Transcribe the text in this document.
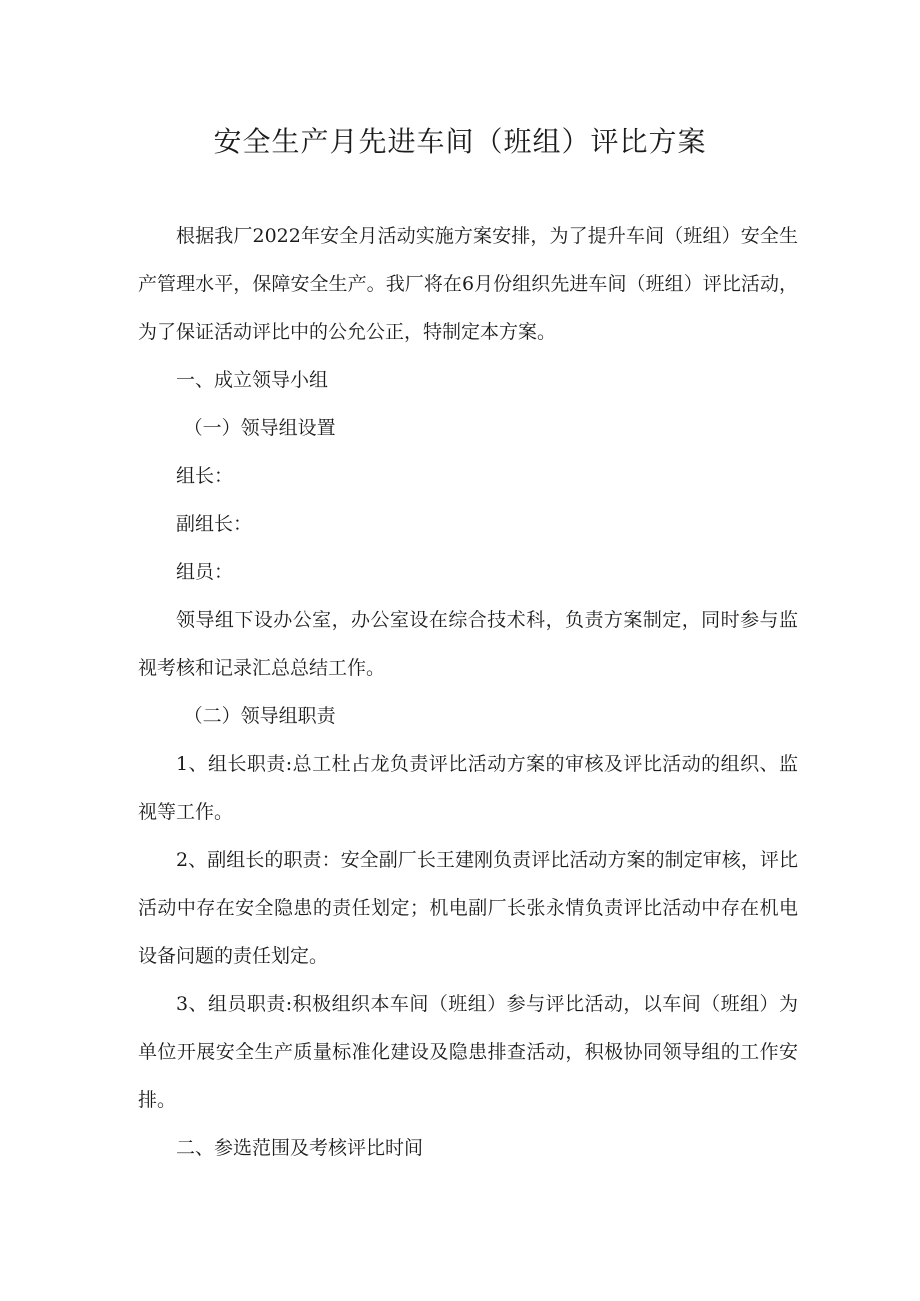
安全生产月先进车间（班组）评比方案

根据我厂2022年安全月活动实施方案安排，为了提升车间（班组）安全生产管理水平，保障安全生产。我厂将在6月份组织先进车间（班组）评比活动，为了保证活动评比中的公允公正，特制定本方案。

一、成立领导小组

（一）领导组设置

组长：

副组长：

组员：

领导组下设办公室，办公室设在综合技术科，负责方案制定，同时参与监视考核和记录汇总总结工作。

（二）领导组职责

1、组长职责:总工杜占龙负责评比活动方案的审核及评比活动的组织、监视等工作。

2、副组长的职责：安全副厂长王建刚负责评比活动方案的制定审核，评比活动中存在安全隐患的责任划定；机电副厂长张永情负责评比活动中存在机电设备问题的责任划定。

3、组员职责:积极组织本车间（班组）参与评比活动，以车间（班组）为单位开展安全生产质量标准化建设及隐患排查活动，积极协同领导组的工作安排。

二、参选范围及考核评比时间
